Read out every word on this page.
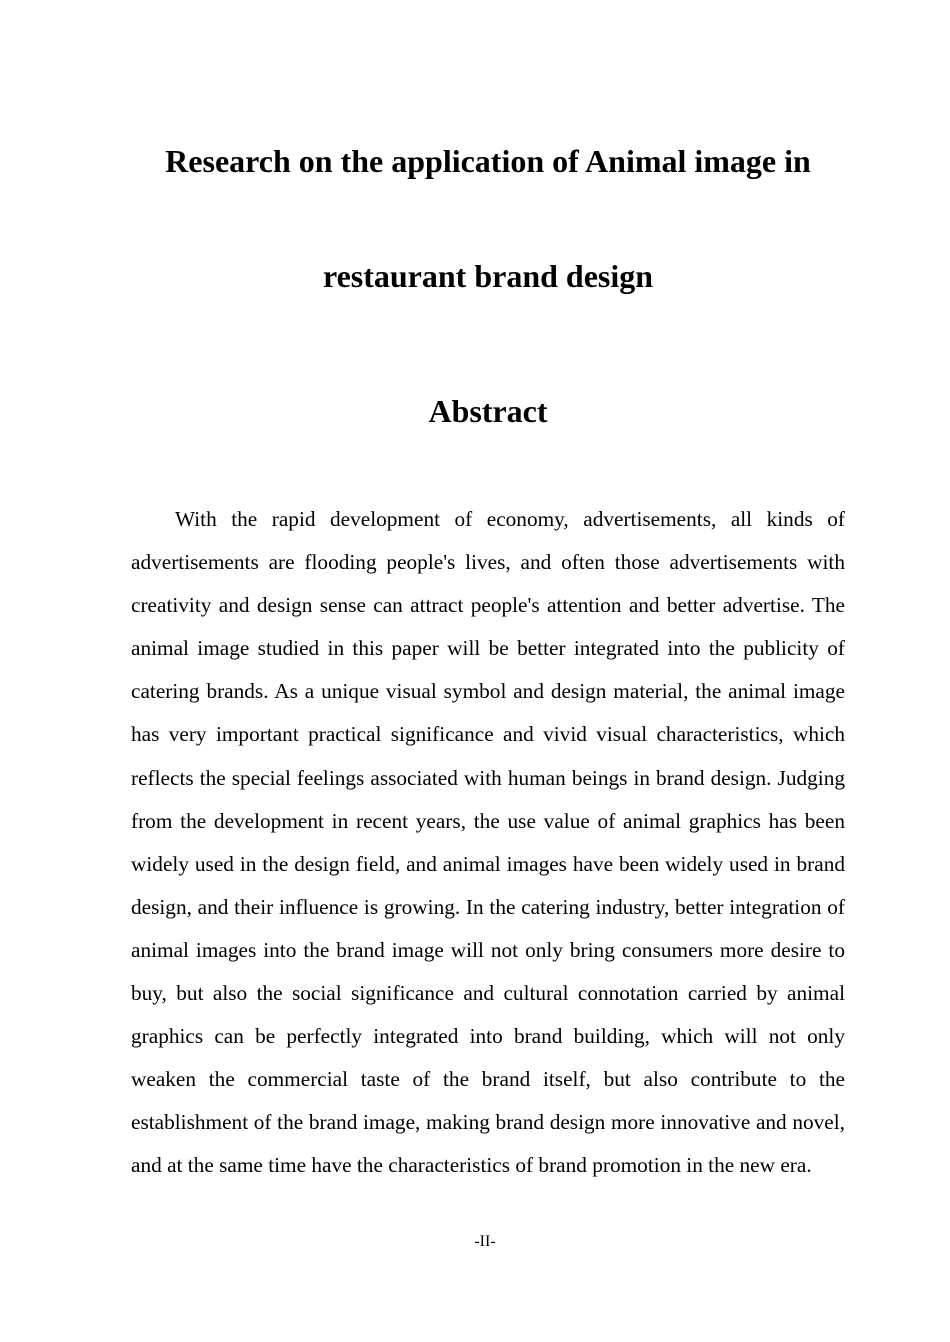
Research on the application of Animal image in
restaurant brand design
Abstract

With the rapid development of economy, advertisements, all kinds of advertisements are flooding people's lives, and often those advertisements with creativity and design sense can attract people's attention and better advertise. The animal image studied in this paper will be better integrated into the publicity of catering brands. As a unique visual symbol and design material, the animal image has very important practical significance and vivid visual characteristics, which reflects the special feelings associated with human beings in brand design. Judging from the development in recent years, the use value of animal graphics has been widely used in the design field, and animal images have been widely used in brand design, and their influence is growing. In the catering industry, better integration of animal images into the brand image will not only bring consumers more desire to buy, but also the social significance and cultural connotation carried by animal graphics can be perfectly integrated into brand building, which will not only weaken the commercial taste of the brand itself, but also contribute to the establishment of the brand image, making brand design more innovative and novel, and at the same time have the characteristics of brand promotion in the new era.

-II-
